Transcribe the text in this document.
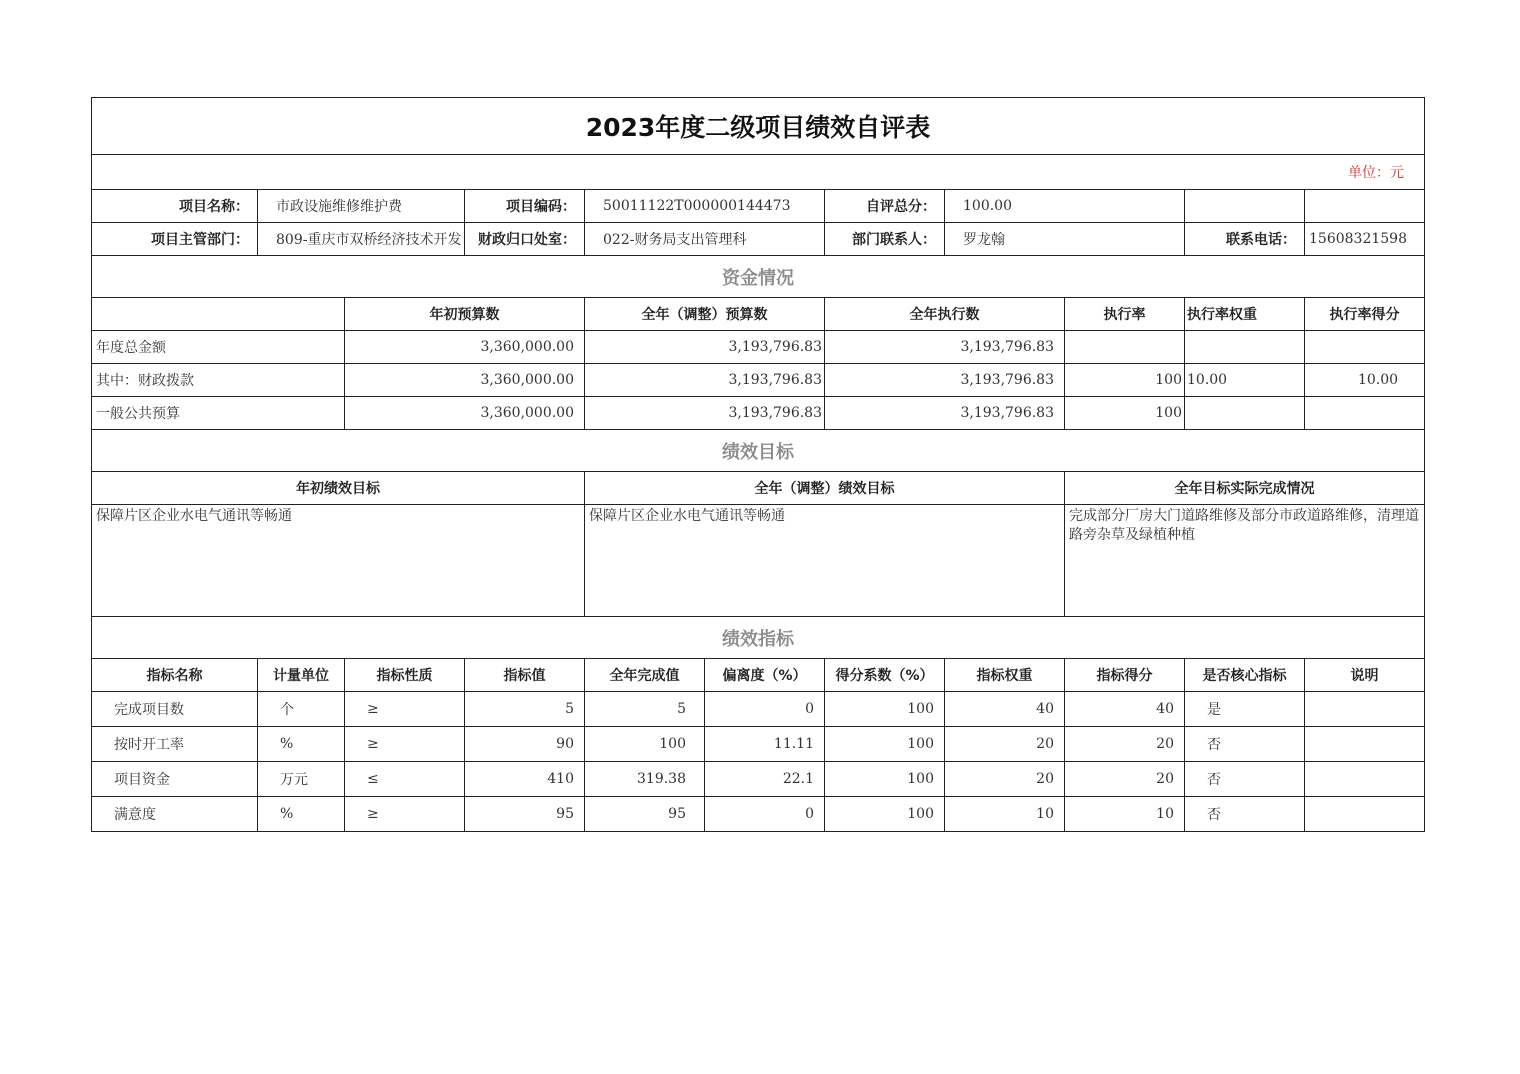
2023年度二级项目绩效自评表										
单位：元										
项目名称：	市政设施维修维护费		项目编码：	50011122T000000144473		自评总分：	100.00			
项目主管部门：	809-重庆市双桥经济技术开发		财政归口处室：	022-财务局支出管理科		部门联系人：	罗龙翰		联系电话：	15608321598
资金情况										
		年初预算数		全年（调整）预算数		全年执行数		执行率	执行率权重	执行率得分
年度总金额		3,360,000.00		3,193,796.83		3,193,796.83				
其中：财政拨款		3,360,000.00		3,193,796.83		3,193,796.83		100	10.00	10.00
一般公共预算		3,360,000.00		3,193,796.83		3,193,796.83		100		
绩效目标										
年初绩效目标				全年（调整）绩效目标				全年目标实际完成情况		
保障片区企业水电气通讯等畅通				保障片区企业水电气通讯等畅通				完成部分厂房大门道路维修及部分市政道路维修，清理道路旁杂草及绿植种植		
绩效指标										
指标名称	计量单位	指标性质	指标值	全年完成值	偏离度（%）	得分系数（%）	指标权重	指标得分	是否核心指标	说明
完成项目数	个	≥	5	5	0	100	40	40	是	
按时开工率	%	≥	90	100	11.11	100	20	20	否	
项目资金	万元	≤	410	319.38	22.1	100	20	20	否	
满意度	%	≥	95	95	0	100	10	10	否	
